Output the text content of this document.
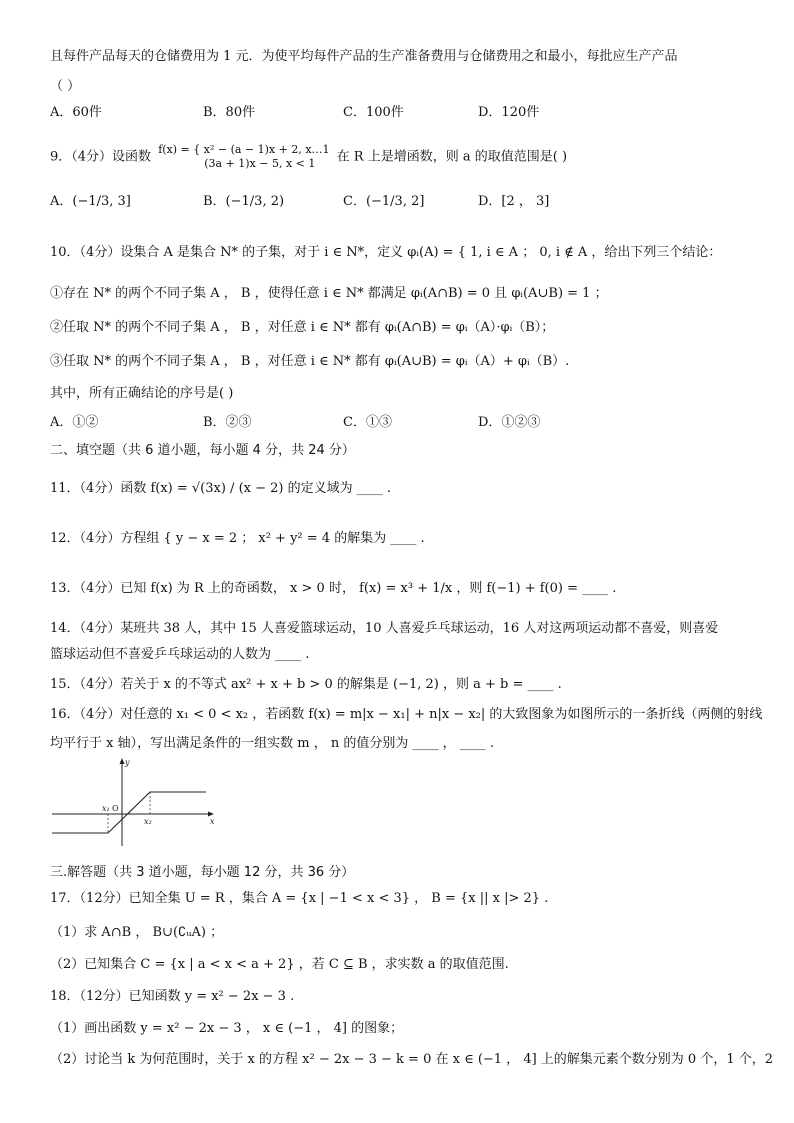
且每件产品每天的仓储费用为 1 元．为使平均每件产品的生产准备费用与仓储费用之和最小，每批应生产产品
（ ）
A．60件	B．80件	C．100件	D．120件
9．（4分）设函数 f(x) = { x² − (a − 1)x + 2, x…1
(3a + 1)x − 5, x < 1	在 R 上是增函数，则 a 的取值范围是( )
A．(−1/3, 3]	B．(−1/3, 2)	C．(−1/3, 2]	D．[2 ， 3]
10．（4分）设集合 A 是集合 N* 的子集，对于 i ∈ N*，定义 φᵢ(A) = { 1, i ∈ A ； 0, i ∉ A ，给出下列三个结论：
①存在 N* 的两个不同子集 A ， B ，使得任意 i ∈ N* 都满足 φᵢ(A∩B) = 0 且 φᵢ(A∪B) = 1 ；
②任取 N* 的两个不同子集 A ， B ，对任意 i ∈ N* 都有 φᵢ(A∩B) = φᵢ（A）·φᵢ（B）；
③任取 N* 的两个不同子集 A ， B ，对任意 i ∈ N* 都有 φᵢ(A∪B) = φᵢ（A）+ φᵢ（B）.
其中，所有正确结论的序号是( )
A．①②	B．②③	C．①③	D．①②③
二、填空题（共 6 道小题，每小题 4 分，共 24 分）
11．（4分）函数 f(x) = √(3x) / (x − 2) 的定义域为 ____ .
12．（4分）方程组 { y − x = 2 ； x² + y² = 4 的解集为 ____ .
13．（4分）已知 f(x) 为 R 上的奇函数， x > 0 时， f(x) = x³ + 1/x ，则 f(−1) + f(0) = ____ .
14．（4分）某班共 38 人，其中 15 人喜爱篮球运动，10 人喜爱乒乓球运动，16 人对这两项运动都不喜爱，则喜爱
篮球运动但不喜爱乒乓球运动的人数为 ____ .
15．（4分）若关于 x 的不等式 ax² + x + b > 0 的解集是 (−1, 2) ，则 a + b = ____ .
16．（4分）对任意的 x₁ < 0 < x₂ ，若函数 f(x) = m|x − x₁| + n|x − x₂| 的大致图象为如图所示的一条折线（两侧的射线
均平行于 x 轴），写出满足条件的一组实数 m ， n 的值分别为 ____ ， ____ .
y
x
O
x₁
x₂
三.解答题（共 3 道小题，每小题 12 分，共 36 分）
17．（12分）已知全集 U = R ，集合 A = {x | −1 < x < 3} ， B = {x || x |> 2} .
（1）求 A∩B ， B∪(∁ᵤA) ；
（2）已知集合 C = {x | a < x < a + 2} ，若 C ⊆ B ，求实数 a 的取值范围.
18．（12分）已知函数 y = x² − 2x − 3 .
（1）画出函数 y = x² − 2x − 3 ， x ∈ (−1 ， 4] 的图象；
（2）讨论当 k 为何范围时，关于 x 的方程 x² − 2x − 3 − k = 0 在 x ∈ (−1 ， 4] 上的解集元素个数分别为 0 个，1 个，2
